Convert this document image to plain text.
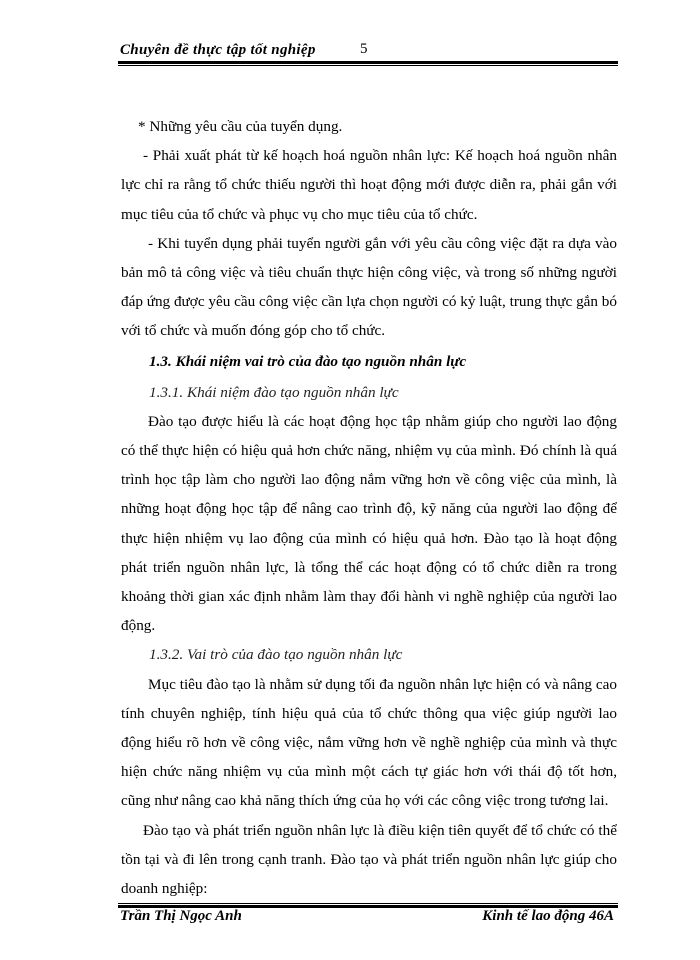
Chuyên đề thực tập tốt nghiệp	5

* Những yêu cầu của tuyển dụng.

- Phải xuất phát từ kế hoạch hoá nguồn nhân lực: Kế hoạch hoá nguồn nhân lực chỉ ra rằng tổ chức thiếu người thì hoạt động mới được diễn ra, phải gắn với mục tiêu của tổ chức và phục vụ cho mục tiêu của tổ chức.

- Khi tuyển dụng phải tuyển người gắn với yêu cầu công việc đặt ra dựa vào bản mô tả công việc và tiêu chuẩn thực hiện công việc, và trong số những người đáp ứng được yêu cầu công việc cần lựa chọn người có kỷ luật, trung thực gắn bó với tổ chức và muốn đóng góp cho tổ chức.

1.3. Khái niệm vai trò của đào tạo nguồn nhân lực

1.3.1. Khái niệm đào tạo nguồn nhân lực

Đào tạo được hiểu là các hoạt động học tập nhằm giúp cho người lao động có thể thực hiện có hiệu quả hơn chức năng, nhiệm vụ của mình. Đó chính là quá trình học tập làm cho người lao động nắm vững hơn về công việc của mình, là những hoạt động học tập để nâng cao trình độ, kỹ năng của người lao động để thực hiện nhiệm vụ lao động của mình có hiệu quả hơn. Đào tạo là hoạt động phát triển nguồn nhân lực, là tổng thể các hoạt động có tổ chức diễn ra trong khoảng thời gian xác định nhằm làm thay đổi hành vi nghề nghiệp của người lao động.

1.3.2. Vai trò của đào tạo nguồn nhân lực

Mục tiêu đào tạo là nhằm sử dụng tối đa nguồn nhân lực hiện có và nâng cao tính chuyên nghiệp, tính hiệu quả của tổ chức thông qua việc giúp người lao động hiểu rõ hơn về công việc, nắm vững hơn về nghề nghiệp của mình và thực hiện chức năng nhiệm vụ của mình một cách tự giác hơn với thái độ tốt hơn, cũng như nâng cao khả năng thích ứng của họ với các công việc trong tương lai.

Đào tạo và phát triển nguồn nhân lực là điều kiện tiên quyết để tổ chức có thể tồn tại và đi lên trong cạnh tranh. Đào tạo và phát triển nguồn nhân lực giúp cho doanh nghiệp:

Trần Thị Ngọc Anh	Kinh tế lao động 46A
